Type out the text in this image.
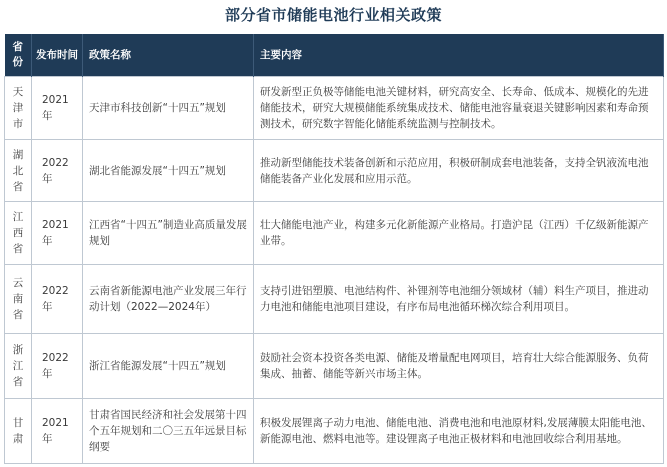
部分省市储能电池行业相关政策
省份	发布时间	政策名称	主要内容

天津市	2021年	天津市科技创新“十四五”规划	研发新型正负极等储能电池关键材料，研究高安全、长寿命、低成本、规模化的先进储能技术，研究大规模储能系统集成技术、储能电池容量衰退关键影响因素和寿命预测技术，研究数字智能化储能系统监测与控制技术。

湖北省	2022年	湖北省能源发展“十四五”规划	推动新型储能技术装备创新和示范应用，积极研制成套电池装备，支持全钒液流电池储能装备产业化发展和应用示范。

江西省	2021年	江西省“十四五”制造业高质量发展规划	壮大储能电池产业，构建多元化新能源产业格局。打造沪昆（江西）千亿级新能源产业带。

云南省	2022年	云南省新能源电池产业发展三年行动计划（2022—2024年）	支持引进铝塑膜、电池结构件、补锂剂等电池细分领域材（辅）料生产项目，推进动力电池和储能电池项目建设，有序布局电池循环梯次综合利用项目。

浙江省	2022年	浙江省能源发展“十四五”规划	鼓励社会资本投资各类电源、储能及增量配电网项目，培育壮大综合能源服务、负荷集成、抽蓄、储能等新兴市场主体。

甘肃	2021年	甘肃省国民经济和社会发展第十四个五年规划和二〇三五年远景目标纲要	积极发展锂离子动力电池、储能电池、消费电池和电池原材料,发展薄膜太阳能电池、新能源电池、燃料电池等。建设锂离子电池正极材料和电池回收综合利用基地。
